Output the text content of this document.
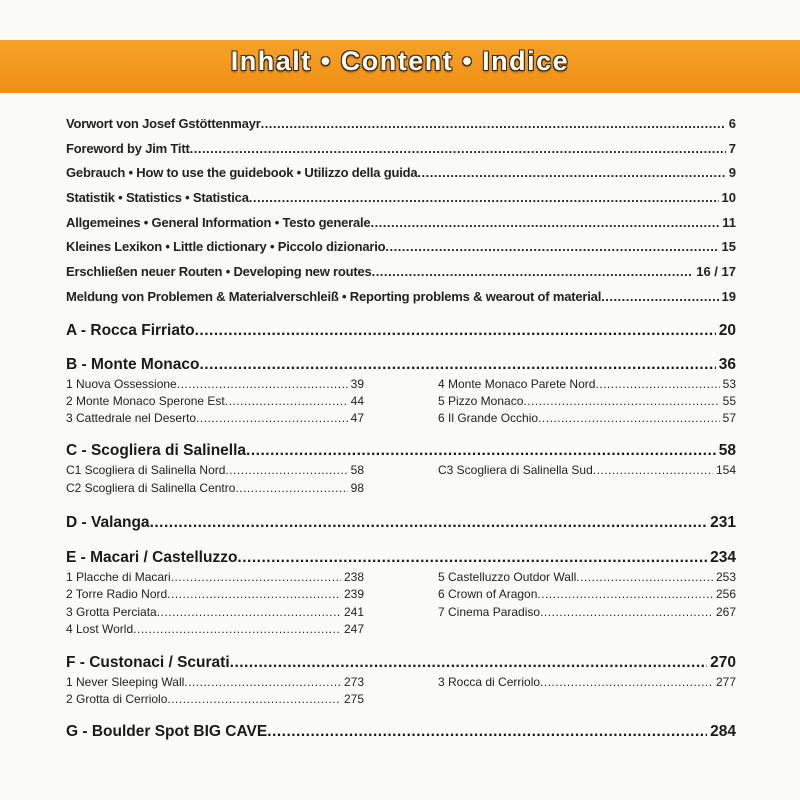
Inhalt • Content • Indice
Vorwort von Josef Gstöttenmayr .....	6
Foreword by Jim Titt .....	7
Gebrauch • How to use the guidebook • Utilizzo della guida .....	9
Statistik • Statistics • Statistica .....	10
Allgemeines • General Information • Testo generale .....	11
Kleines Lexikon • Little dictionary • Piccolo dizionario .....	15
Erschließen neuer Routen • Developing new routes .....	16 / 17
Meldung von Problemen & Materialverschleiß • Reporting problems & wearout of material .....	19
A - Rocca Firriato .....	20
B - Monte Monaco .....	36
1 Nuova Ossessione .....	39
2 Monte Monaco Sperone Est .....	44
3 Cattedrale nel Deserto .....	47
4 Monte Monaco Parete Nord .....	53
5 Pizzo Monaco .....	55
6 Il Grande Occhio .....	57
C - Scogliera di Salinella .....	58
C1 Scogliera di Salinella Nord .....	58
C2 Scogliera di Salinella Centro .....	98
C3 Scogliera di Salinella Sud .....	154
D - Valanga .....	231
E - Macari / Castelluzzo .....	234
1 Placche di Macari .....	238
2 Torre Radio Nord .....	239
3 Grotta Perciata .....	241
4 Lost World .....	247
5 Castelluzzo Outdor Wall .....	253
6 Crown of Aragon .....	256
7 Cinema Paradiso .....	267
F - Custonaci / Scurati .....	270
1 Never Sleeping Wall .....	273
2 Grotta di Cerriolo .....	275
3 Rocca di Cerriolo .....	277
G - Boulder Spot BIG CAVE .....	284
